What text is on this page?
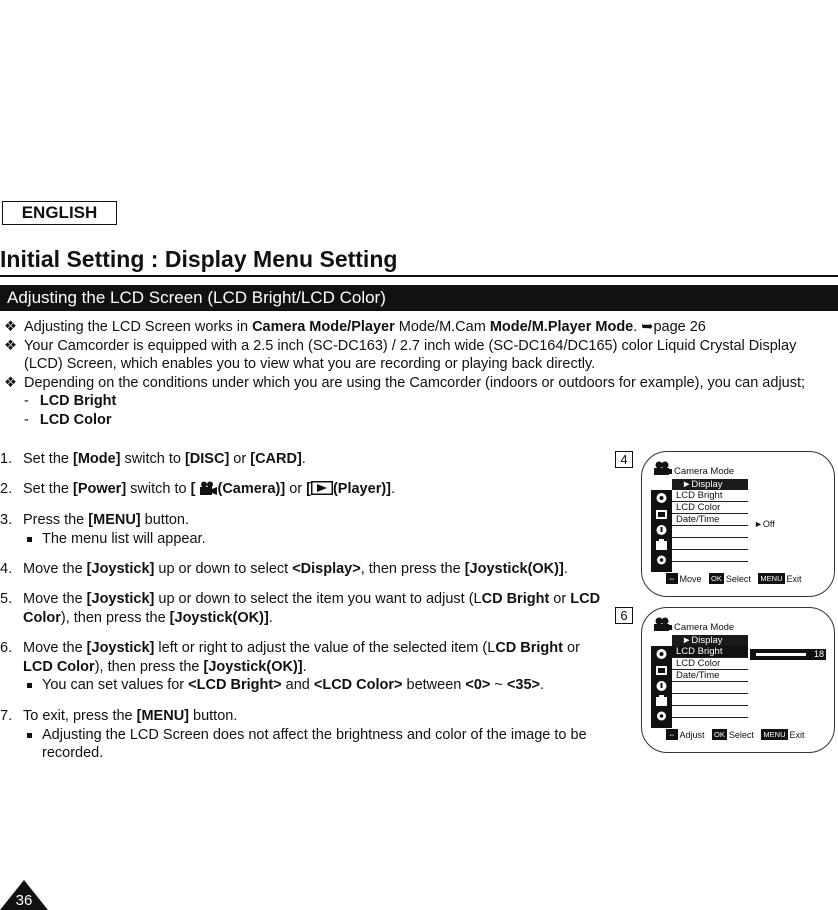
ENGLISH
Initial Setting : Display Menu Setting
Adjusting the LCD Screen (LCD Bright/LCD Color)
❖ Adjusting the LCD Screen works in Camera Mode/Player Mode/M.Cam Mode/M.Player Mode. ➥page 26
❖ Your Camcorder is equipped with a 2.5 inch (SC-DC163) / 2.7 inch wide (SC-DC164/DC165) color Liquid Crystal Display (LCD) Screen, which enables you to view what you are recording or playing back directly.
❖ Depending on the conditions under which you are using the Camcorder (indoors or outdoors for example), you can adjust;
- LCD Bright
- LCD Color
1. Set the [Mode] switch to [DISC] or [CARD].
2. Set the [Power] switch to [ (Camera)] or [ (Player)].
3. Press the [MENU] button.
The menu list will appear.
4. Move the [Joystick] up or down to select <Display>, then press the [Joystick(OK)].
5. Move the [Joystick] up or down to select the item you want to adjust (LCD Bright or LCD Color), then press the [Joystick(OK)].
6. Move the [Joystick] left or right to adjust the value of the selected item (LCD Bright or LCD Color), then press the [Joystick(OK)].
You can set values for <LCD Bright> and <LCD Color> between <0> ~ <35>.
7. To exit, press the [MENU] button.
Adjusting the LCD Screen does not affect the brightness and color of the image to be recorded.
4
Camera Mode
►Display
LCD Bright
LCD Color
Date/Time	►Off
⇔ Move OK Select MENU Exit
6
Camera Mode
►Display
LCD Bright
LCD Color
Date/Time
18
⇔ Adjust OK Select MENU Exit
36
